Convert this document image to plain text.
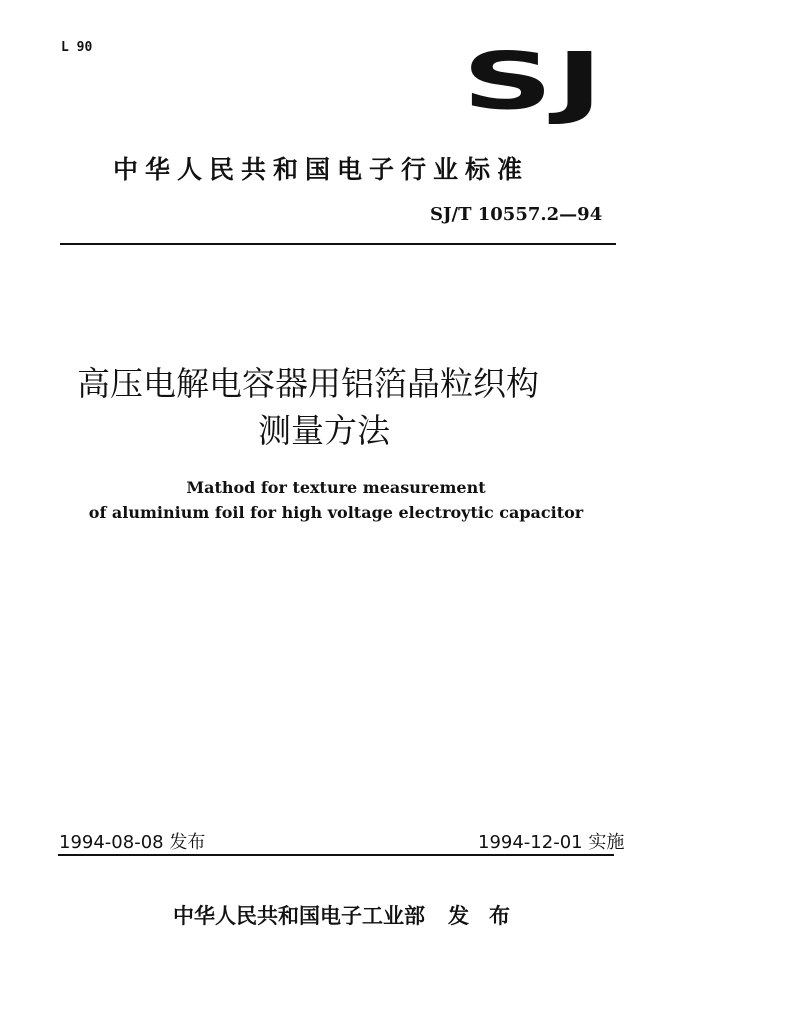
L 90	SJ
中华人民共和国电子行业标准
SJ/T 10557.2—94
高压电解电容器用铝箔晶粒织构
测量方法
Mathod for texture measurement
of aluminium foil for high voltage electroytic capacitor
1994-08-08 发布	1994-12-01 实施
中华人民共和国电子工业部 发布
